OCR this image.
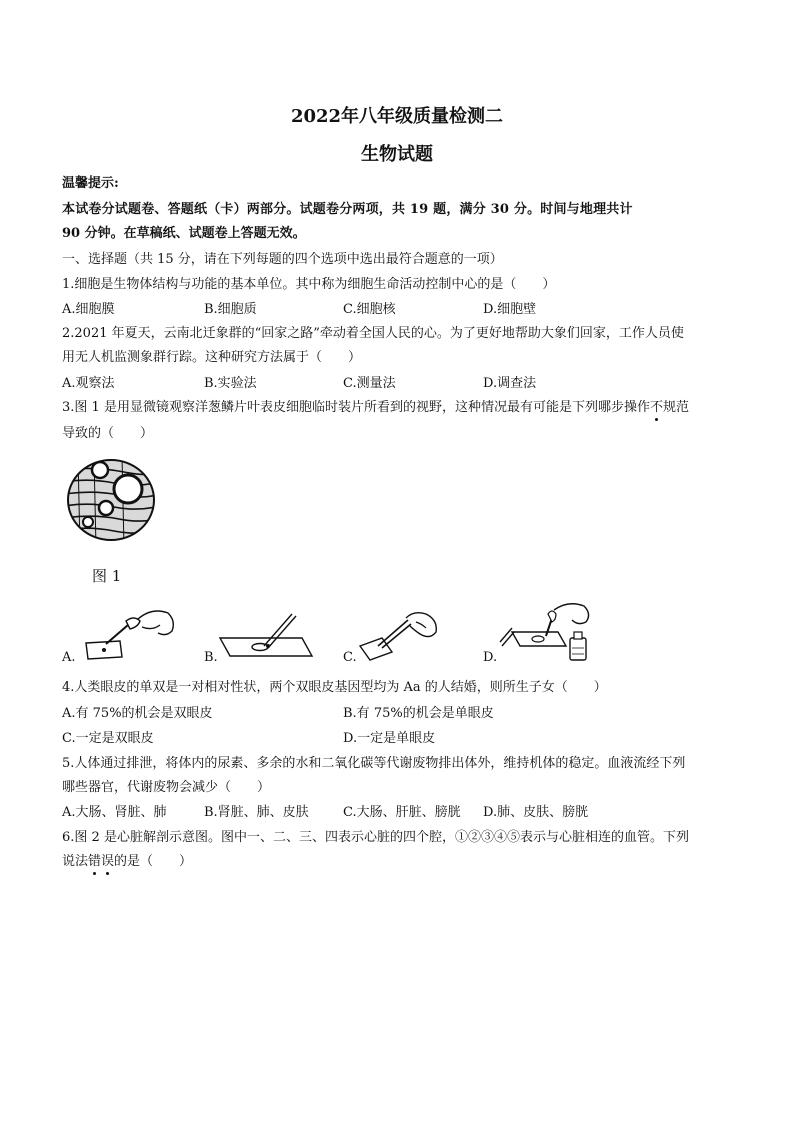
2022年八年级质量检测二
生物试题
温馨提示:
本试卷分试题卷、答题纸（卡）两部分。试题卷分两项，共 19 题，满分 30 分。时间与地理共计
90 分钟。在草稿纸、试题卷上答题无效。
一、选择题（共 15 分，请在下列每题的四个选项中选出最符合题意的一项）
1.细胞是生物体结构与功能的基本单位。其中称为细胞生命活动控制中心的是（　　）
A.细胞膜	B.细胞质	C.细胞核	D.细胞壁
2.2021 年夏天，云南北迁象群的“回家之路”牵动着全国人民的心。为了更好地帮助大象们回家，工作人员使
用无人机监测象群行踪。这种研究方法属于（　　）
A.观察法	B.实验法	C.测量法	D.调查法
3.图 1 是用显微镜观察洋葱鳞片叶表皮细胞临时装片所看到的视野，这种情况最有可能是下列哪步操作不规范
导致的（　　）
图 1
A.	B.	C.	D.
4.人类眼皮的单双是一对相对性状，两个双眼皮基因型均为 Aa 的人结婚，则所生子女（　　）
A.有 75%的机会是双眼皮	B.有 75%的机会是单眼皮
C.一定是双眼皮	D.一定是单眼皮
5.人体通过排泄，将体内的尿素、多余的水和二氧化碳等代谢废物排出体外，维持机体的稳定。血液流经下列
哪些器官，代谢废物会减少（　　）
A.大肠、肾脏、肺	B.肾脏、肺、皮肤	C.大肠、肝脏、膀胱 D.肺、皮肤、膀胱
6.图 2 是心脏解剖示意图。图中一、二、三、四表示心脏的四个腔，①②③④⑤表示与心脏相连的血管。下列
说法错误的是（　　）
